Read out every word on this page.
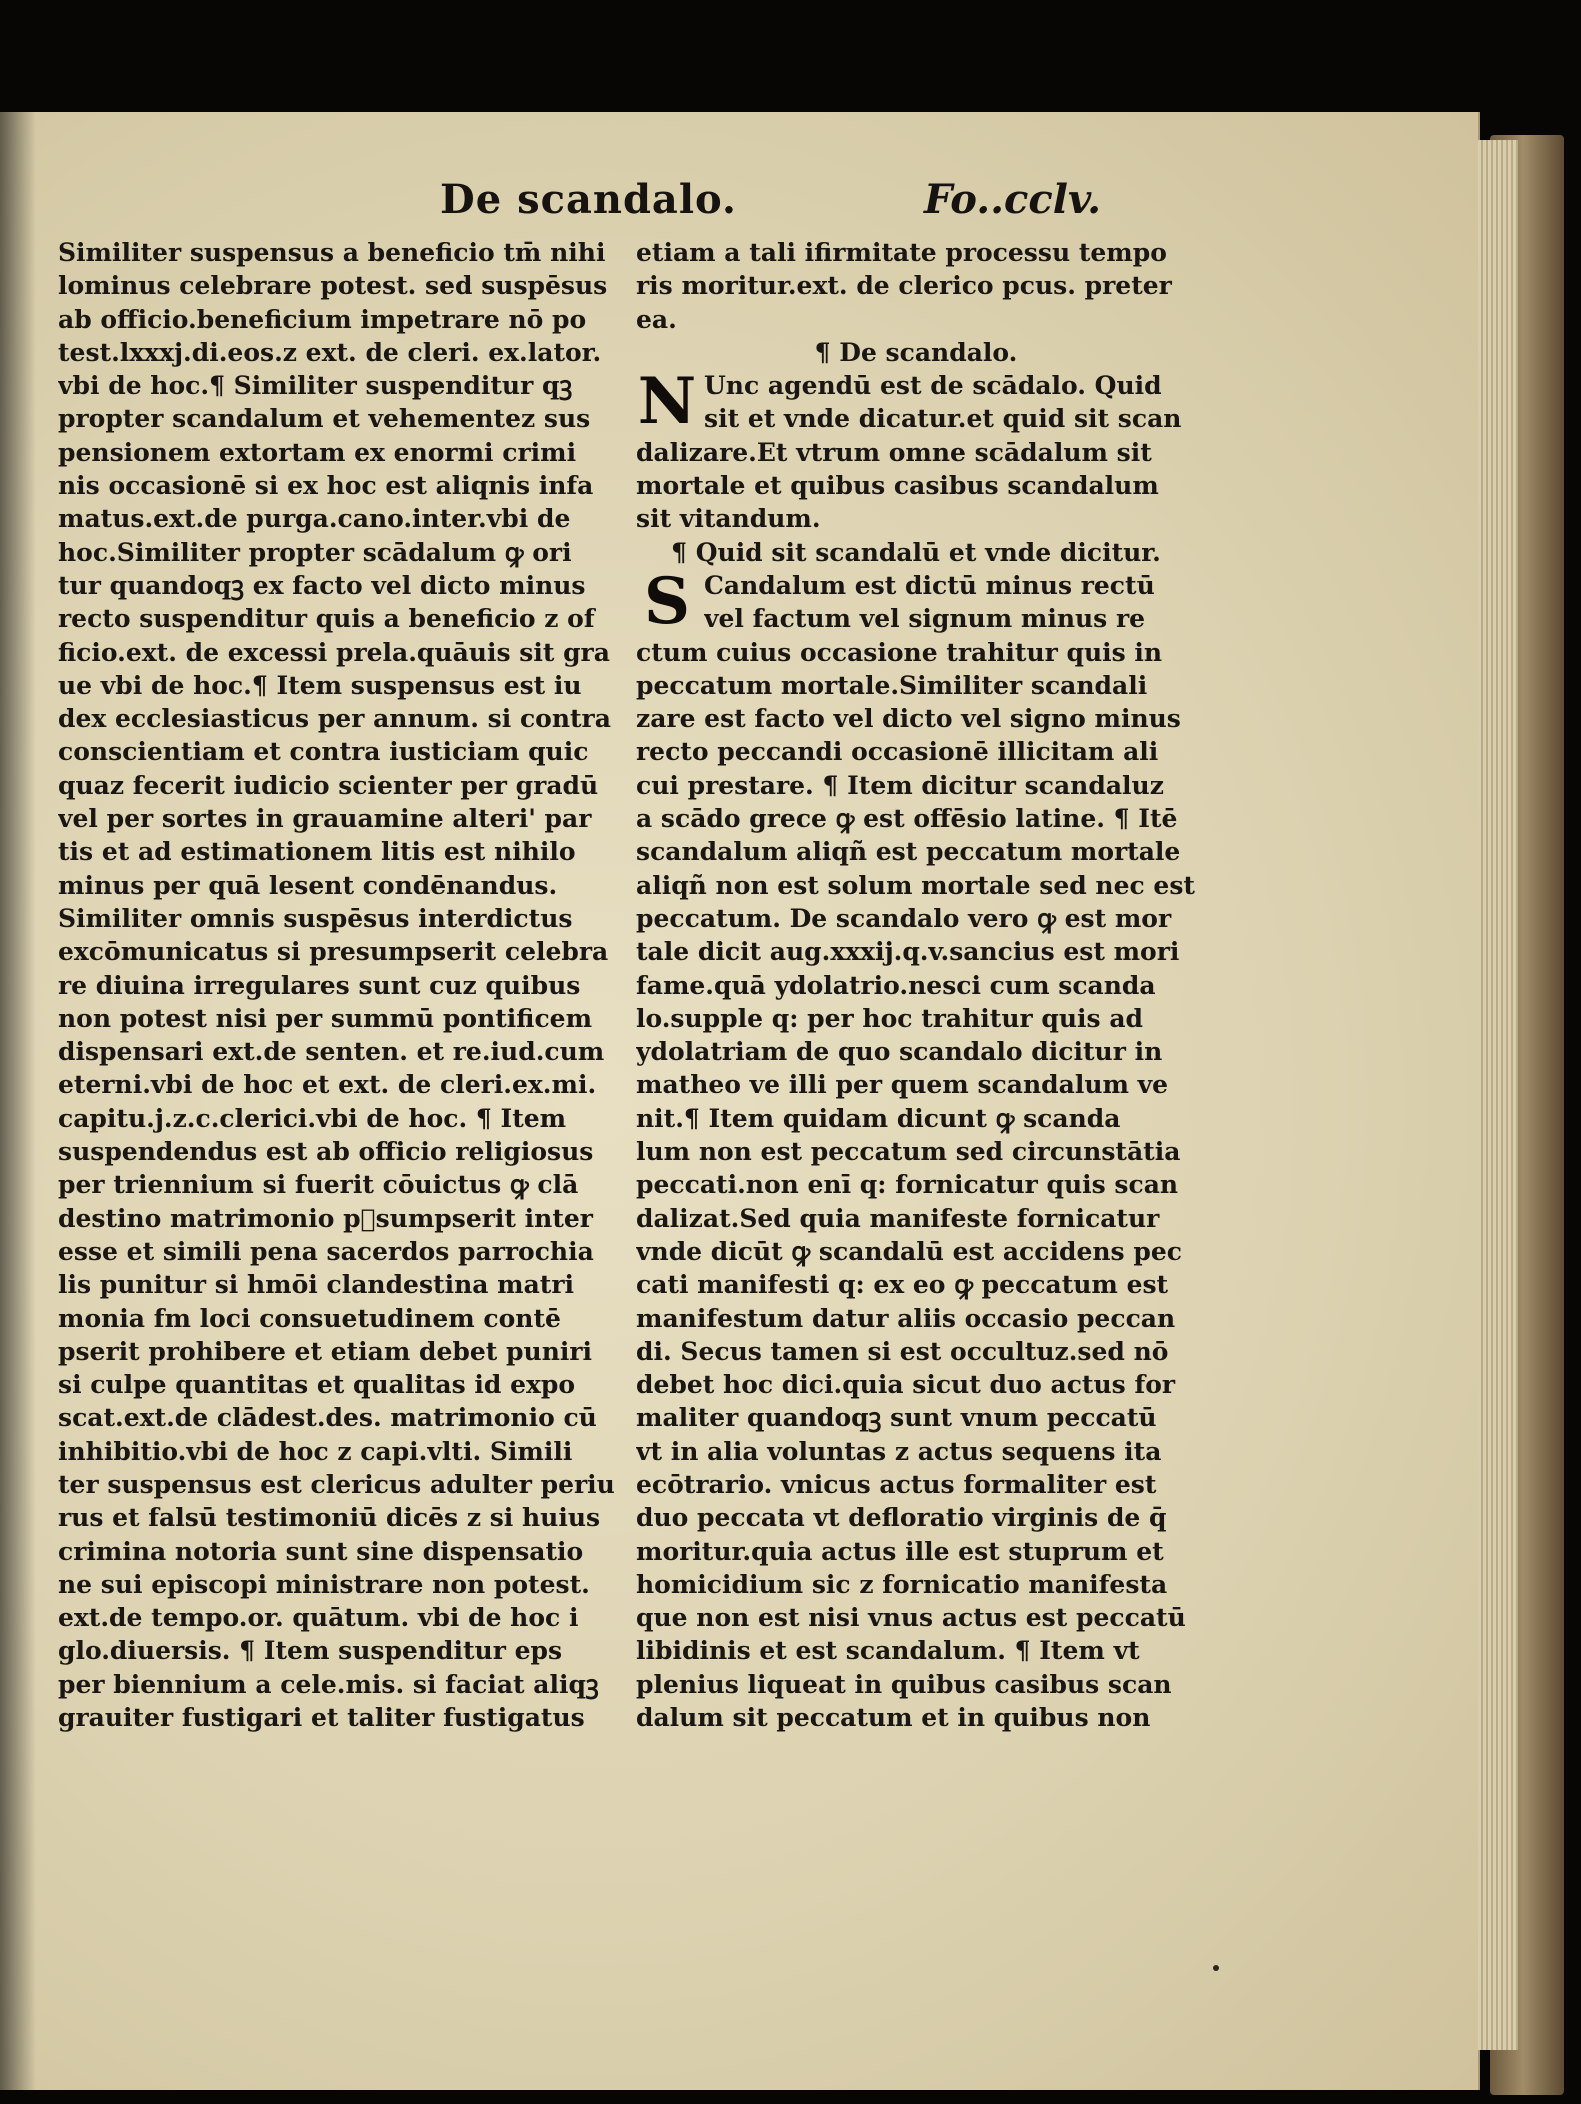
De scandalo.	Fo..cclv.
Similiter suspensus a beneficio tm̄ nihi
lominus celebrare potest. sed suspēsus
ab officio.beneficium impetrare nō po
test.lxxxj.di.eos.z ext. de cleri. ex.lator.
vbi de hoc.¶ Similiter suspenditur qꝫ
propter scandalum et vehementez sus
pensionem extortam ex enormi crimi
nis occasionē si ex hoc est aliqnis infa
matus.ext.de purga.cano.inter.vbi de
hoc.Similiter propter scādalum ꝙ ori
tur quandoqꝫ ex facto vel dicto minus
recto suspenditur quis a beneficio z of
ficio.ext. de excessi prela.quāuis sit gra
ue vbi de hoc.¶ Item suspensus est iu
dex ecclesiasticus per annum. si contra
conscientiam et contra iusticiam quic
quaz fecerit iudicio scienter per gradū
vel per sortes in grauamine alteri' par
tis et ad estimationem litis est nihilo
minus per quā lesent condēnandus.
Similiter omnis suspēsus interdictus
excōmunicatus si presumpserit celebra
re diuina irregulares sunt cuz quibus
non potest nisi per summū pontificem
dispensari ext.de senten. et re.iud.cum
eterni.vbi de hoc et ext. de cleri.ex.mi.
capitu.j.z.c.clerici.vbi de hoc. ¶ Item
suspendendus est ab officio religiosus
per triennium si fuerit cōuictus ꝙ clā
destino matrimonio pᷣsumpserit inter
esse et simili pena sacerdos parrochia
lis punitur si hmōi clandestina matri
monia fm loci consuetudinem contē
pserit prohibere et etiam debet puniri
si culpe quantitas et qualitas id expo
scat.ext.de clādest.des. matrimonio cū
inhibitio.vbi de hoc z capi.vlti. Simili
ter suspensus est clericus adulter periu
rus et falsū testimoniū dicēs z si huius
crimina notoria sunt sine dispensatio
ne sui episcopi ministrare non potest.
ext.de tempo.or. quātum. vbi de hoc i
glo.diuersis. ¶ Item suspenditur eps
per biennium a cele.mis. si faciat aliqꝫ
grauiter fustigari et taliter fustigatus
etiam a tali ifirmitate processu tempo
ris moritur.ext. de clerico pcus. preter
ea.
¶ De scandalo.
N Unc agendū est de scādalo. Quid
sit et vnde dicatur.et quid sit scan
dalizare.Et vtrum omne scādalum sit
mortale et quibus casibus scandalum
sit vitandum.
¶ Quid sit scandalū et vnde dicitur.
S Candalum est dictū minus rectū
vel factum vel signum minus re
ctum cuius occasione trahitur quis in
peccatum mortale.Similiter scandali
zare est facto vel dicto vel signo minus
recto peccandi occasionē illicitam ali
cui prestare. ¶ Item dicitur scandaluz
a scādo grece ꝙ est offēsio latine. ¶ Itē
scandalum aliqñ est peccatum mortale
aliqñ non est solum mortale sed nec est
peccatum. De scandalo vero ꝙ est mor
tale dicit aug.xxxij.q.v.sancius est mori
fame.quā ydolatrio.nesci cum scanda
lo.supple q: per hoc trahitur quis ad
ydolatriam de quo scandalo dicitur in
matheo ve illi per quem scandalum ve
nit.¶ Item quidam dicunt ꝙ scanda
lum non est peccatum sed circunstātia
peccati.non enī q: fornicatur quis scan
dalizat.Sed quia manifeste fornicatur
vnde dicūt ꝙ scandalū est accidens pec
cati manifesti q: ex eo ꝙ peccatum est
manifestum datur aliis occasio peccan
di. Secus tamen si est occultuz.sed nō
debet hoc dici.quia sicut duo actus for
maliter quandoqꝫ sunt vnum peccatū
vt in alia voluntas z actus sequens ita
ecōtrario. vnicus actus formaliter est
duo peccata vt defloratio virginis de q̄
moritur.quia actus ille est stuprum et
homicidium sic z fornicatio manifesta
que non est nisi vnus actus est peccatū
libidinis et est scandalum. ¶ Item vt
plenius liqueat in quibus casibus scan
dalum sit peccatum et in quibus non
